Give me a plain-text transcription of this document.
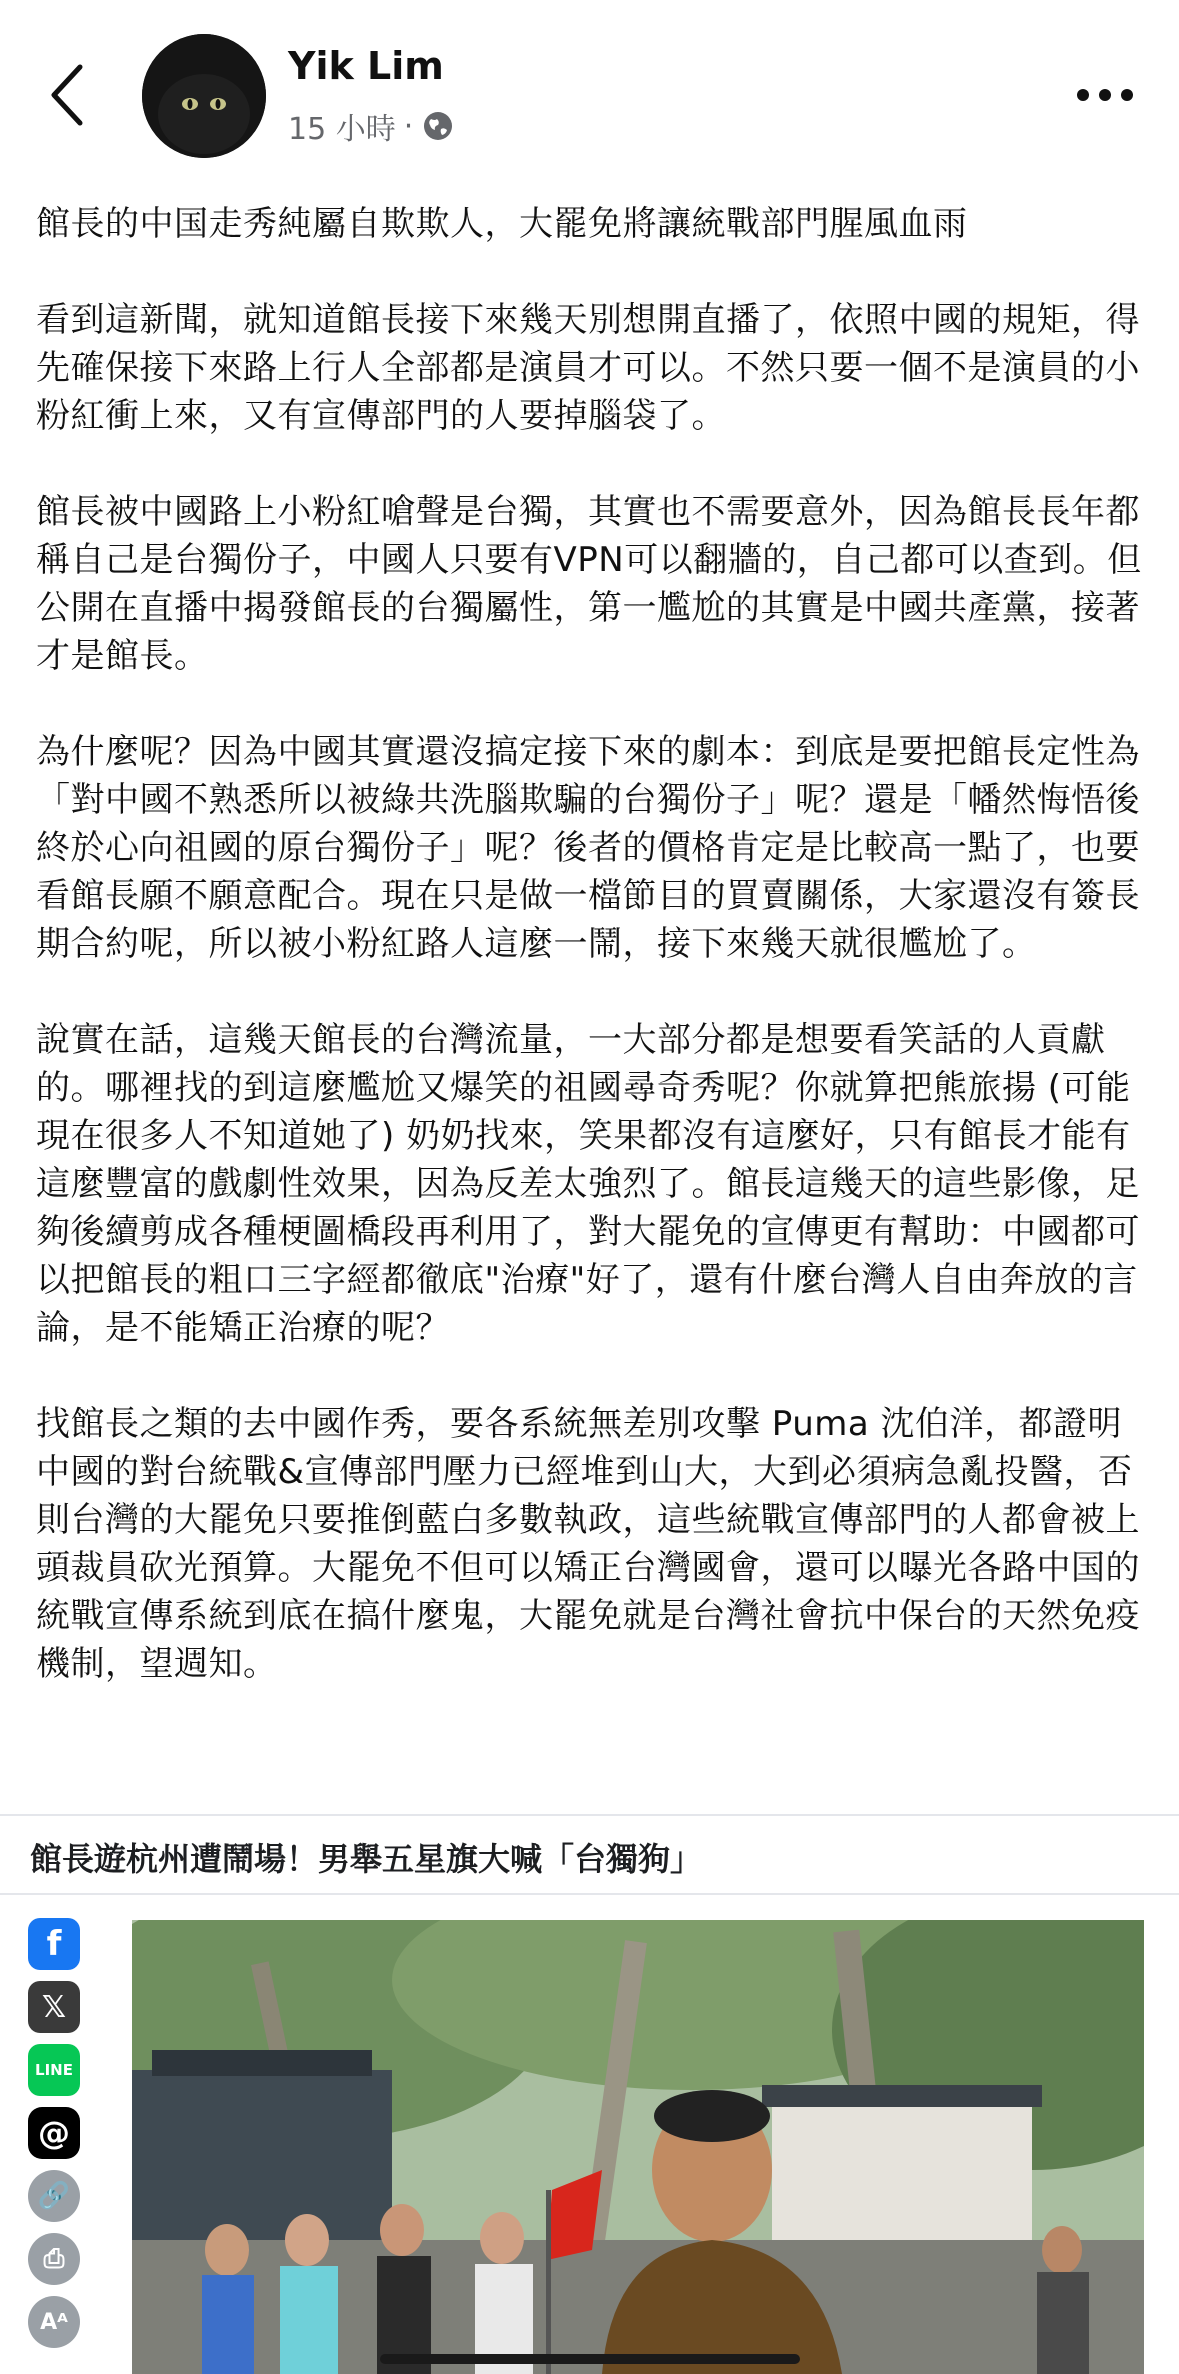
Yik Lim
15 小時 ·

館長的中国走秀純屬自欺欺人，大罷免將讓統戰部門腥風血雨

看到這新聞，就知道館長接下來幾天別想開直播了，依照中國的規矩，得先確保接下來路上行人全部都是演員才可以。不然只要一個不是演員的小粉紅衝上來，又有宣傳部門的人要掉腦袋了。

館長被中國路上小粉紅嗆聲是台獨，其實也不需要意外，因為館長長年都稱自己是台獨份子，中國人只要有VPN可以翻牆的，自己都可以查到。但公開在直播中揭發館長的台獨屬性，第一尷尬的其實是中國共產黨，接著才是館長。

為什麼呢？因為中國其實還沒搞定接下來的劇本：到底是要把館長定性為「對中國不熟悉所以被綠共洗腦欺騙的台獨份子」呢？還是「幡然悔悟後終於心向祖國的原台獨份子」呢？後者的價格肯定是比較高一點了，也要看館長願不願意配合。現在只是做一檔節目的買賣關係，大家還沒有簽長期合約呢，所以被小粉紅路人這麼一鬧，接下來幾天就很尷尬了。

說實在話，這幾天館長的台灣流量，一大部分都是想要看笑話的人貢獻的。哪裡找的到這麼尷尬又爆笑的祖國尋奇秀呢？你就算把熊旅揚 (可能現在很多人不知道她了) 奶奶找來，笑果都沒有這麼好，只有館長才能有這麼豐富的戲劇性效果，因為反差太強烈了。館長這幾天的這些影像，足夠後續剪成各種梗圖橋段再利用了，對大罷免的宣傳更有幫助：中國都可以把館長的粗口三字經都徹底"治療"好了，還有什麼台灣人自由奔放的言論，是不能矯正治療的呢？

找館長之類的去中國作秀，要各系統無差別攻擊 Puma 沈伯洋，都證明中國的對台統戰&宣傳部門壓力已經堆到山大，大到必須病急亂投醫，否則台灣的大罷免只要推倒藍白多數執政，這些統戰宣傳部門的人都會被上頭裁員砍光預算。大罷免不但可以矯正台灣國會，還可以曝光各路中国的統戰宣傳系統到底在搞什麼鬼，大罷免就是台灣社會抗中保台的天然免疫機制，望週知。

館長遊杭州遭鬧場！男舉五星旗大喊「台獨狗」
f
𝕏
LINE
@
🔗
⎙
Aᴬ
